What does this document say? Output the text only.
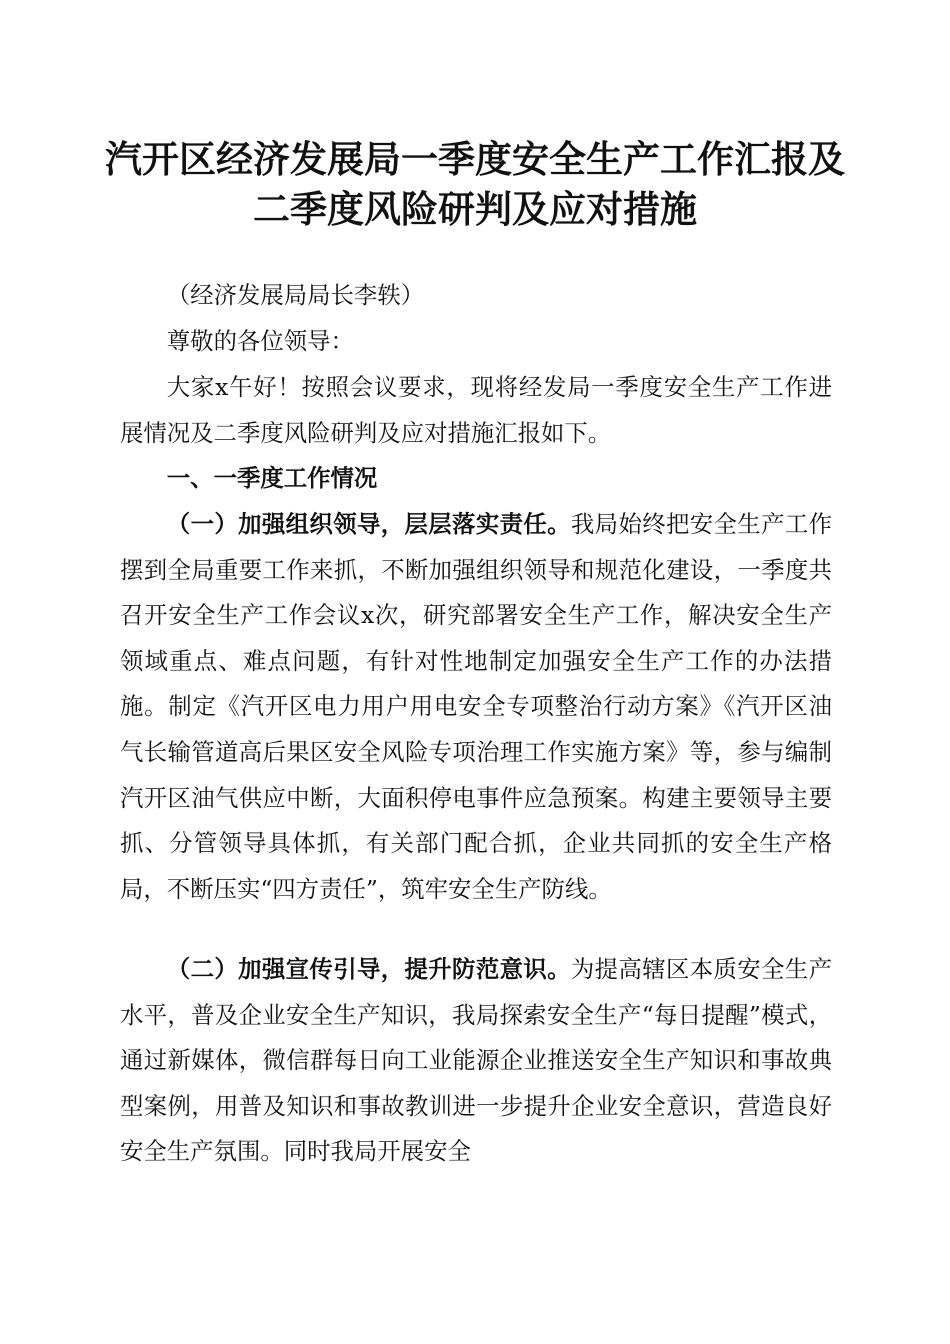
汽开区经济发展局一季度安全生产工作汇报及
二季度风险研判及应对措施

（经济发展局局长李轶）

尊敬的各位领导：

大家x午好！按照会议要求，现将经发局一季度安全生产工作进展情况及二季度风险研判及应对措施汇报如下。

一、一季度工作情况

（一）加强组织领导，层层落实责任。我局始终把安全生产工作摆到全局重要工作来抓，不断加强组织领导和规范化建设，一季度共召开安全生产工作会议x次，研究部署安全生产工作，解决安全生产领域重点、难点问题，有针对性地制定加强安全生产工作的办法措施。制定《汽开区电力用户用电安全专项整治行动方案》《汽开区油气长输管道高后果区安全风险专项治理工作实施方案》等，参与编制汽开区油气供应中断，大面积停电事件应急预案。构建主要领导主要抓、分管领导具体抓，有关部门配合抓，企业共同抓的安全生产格局，不断压实“四方责任”，筑牢安全生产防线。

（二）加强宣传引导，提升防范意识。为提高辖区本质安全生产水平，普及企业安全生产知识，我局探索安全生产“每日提醒”模式，通过新媒体，微信群每日向工业能源企业推送安全生产知识和事故典型案例，用普及知识和事故教训进一步提升企业安全意识，营造良好安全生产氛围。同时我局开展安全
